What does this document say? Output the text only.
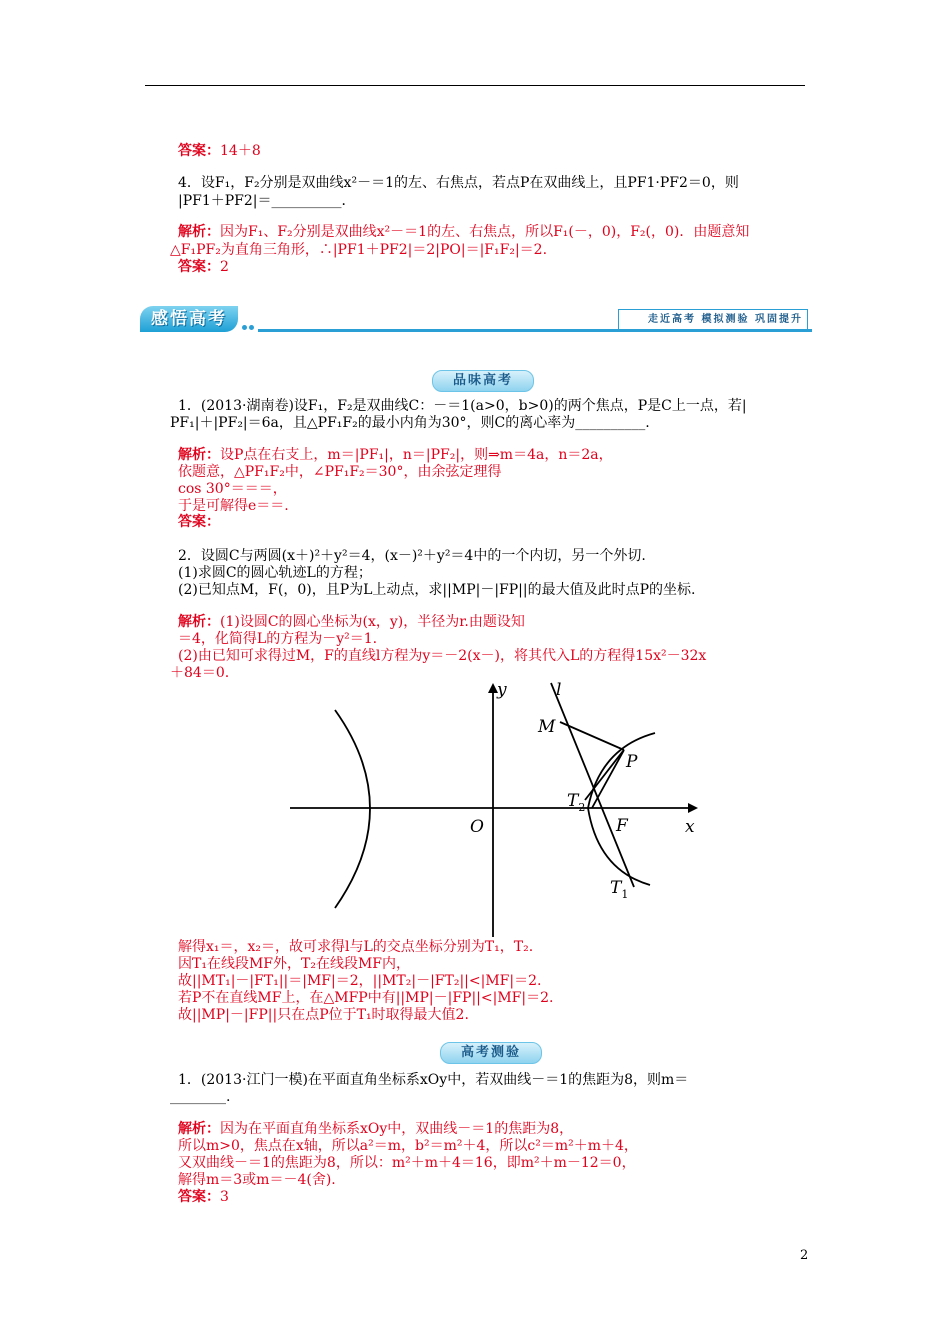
答案：14＋8
4．设F₁，F₂分别是双曲线x²－＝1的左、右焦点，若点P在双曲线上，且PF1·PF2＝0，则
|PF1＋PF2|＝__________．
解析：因为F₁、F₂分别是双曲线x²－＝1的左、右焦点，所以F₁(－，0)，F₂(，0)．由题意知
△F₁PF₂为直角三角形，∴|PF1＋PF2|＝2|PO|＝|F₁F₂|＝2.
答案：2
感悟高考	走近高考 模拟测验 巩固提升
品味高考
1．(2013·湖南卷)设F₁，F₂是双曲线C：－＝1(a>0，b>0)的两个焦点，P是C上一点，若|
PF₁|＋|PF₂|＝6a，且△PF₁F₂的最小内角为30°，则C的离心率为__________.
解析：设P点在右支上，m＝|PF₁|，n＝|PF₂|，则⇒m＝4a，n＝2a，
依题意，△PF₁F₂中，∠PF₁F₂＝30°，由余弦定理得
cos 30°＝＝＝，
于是可解得e＝＝.
答案：
2．设圆C与两圆(x＋)²＋y²＝4，(x－)²＋y²＝4中的一个内切，另一个外切.
(1)求圆C的圆心轨迹L的方程；
(2)已知点M，F(，0)，且P为L上动点，求||MP|－|FP||的最大值及此时点P的坐标.
解析：(1)设圆C的圆心坐标为(x，y)，半径为r.由题设知
＝4，化简得L的方程为－y²＝1.
(2)由已知可求得过M，F的直线l方程为y＝－2(x－)，将其代入L的方程得15x²－32x
＋84＝0.
y
x
O
l
M
P
F
$T_2$
$T_1$
解得x₁＝，x₂＝，故可求得l与L的交点坐标分别为T₁，T₂.
因T₁在线段MF外，T₂在线段MF内，
故||MT₁|－|FT₁||＝|MF|＝2，||MT₂|－|FT₂||<|MF|＝2.
若P不在直线MF上，在△MFP中有||MP|－|FP||<|MF|＝2.
故||MP|－|FP||只在点P位于T₁时取得最大值2.
高考测验
1．(2013·江门一模)在平面直角坐标系xOy中，若双曲线－＝1的焦距为8，则m＝
________.
解析：因为在平面直角坐标系xOy中，双曲线－＝1的焦距为8，
所以m>0，焦点在x轴，所以a²＝m，b²＝m²＋4，所以c²＝m²＋m＋4，
又双曲线－＝1的焦距为8，所以：m²＋m＋4＝16，即m²＋m－12＝0，
解得m＝3或m＝－4(舍).
答案：3
2
